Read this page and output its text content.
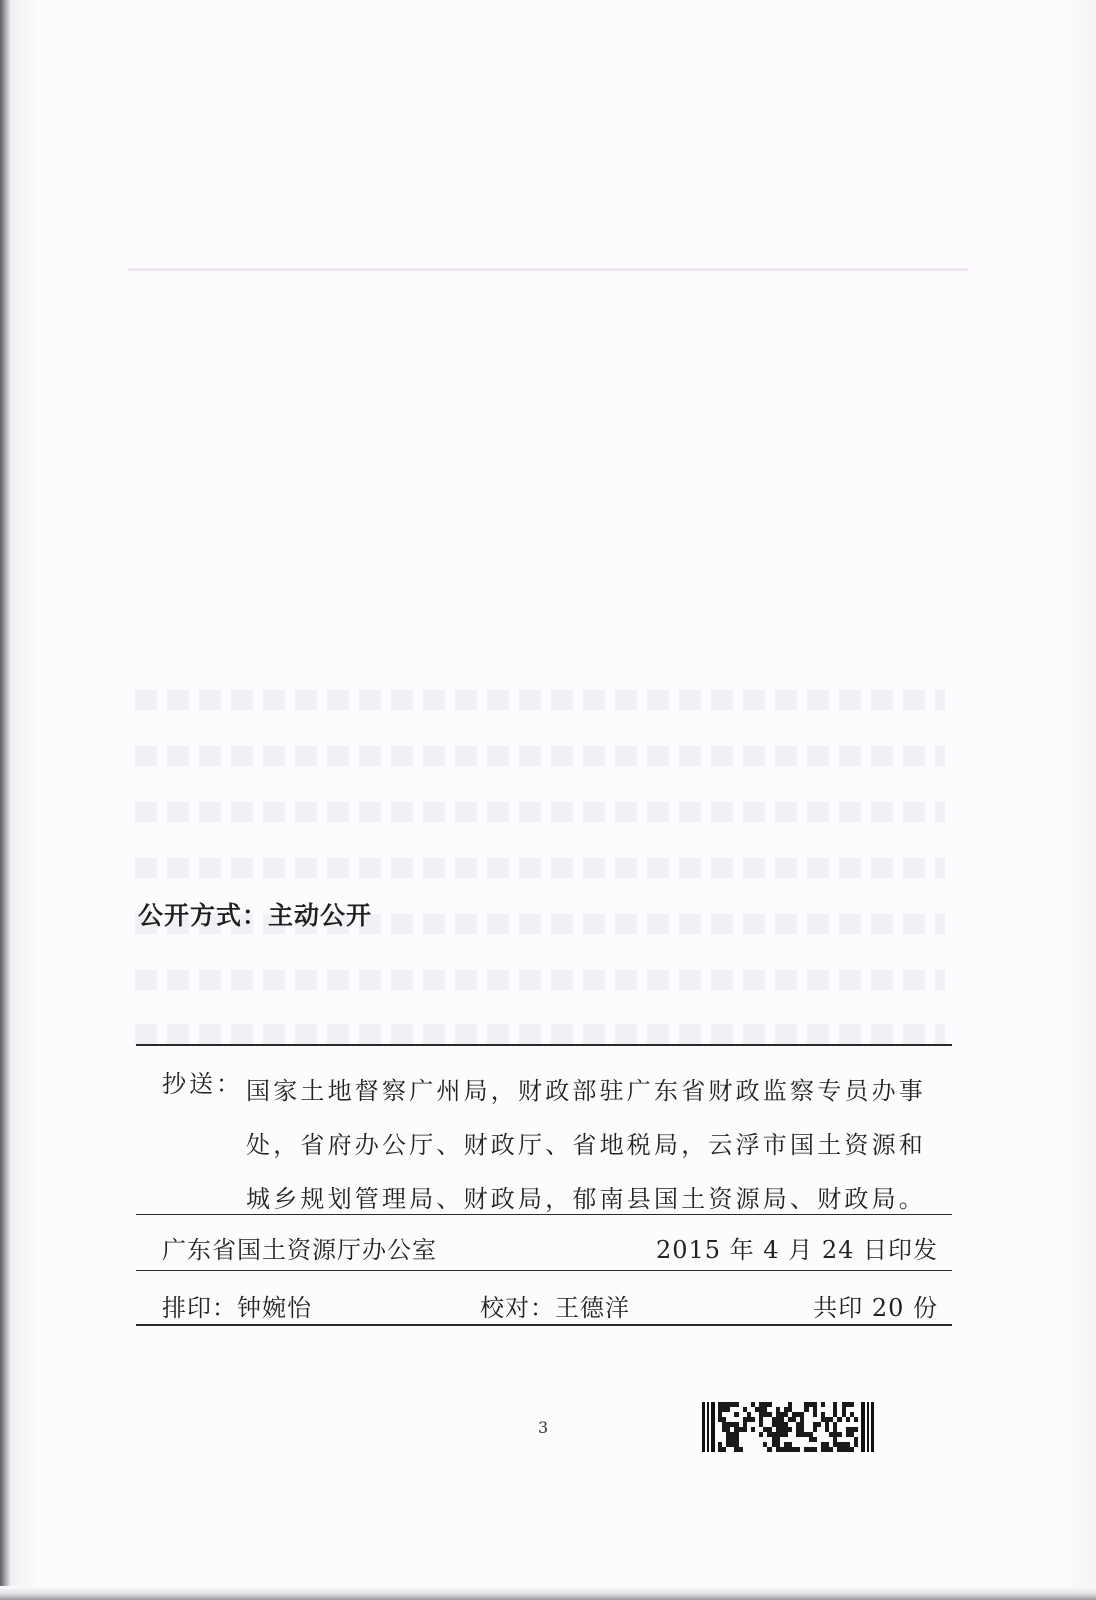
公开方式：主动公开
抄送： 国家土地督察广州局，财政部驻广东省财政监察专员办事
处，省府办公厅、财政厅、省地税局，云浮市国土资源和
城乡规划管理局、财政局，郁南县国土资源局、财政局。
广东省国土资源厅办公室	2015 年 4 月 24 日印发
排印：钟婉怡	校对：王德洋	共印 20 份
3
